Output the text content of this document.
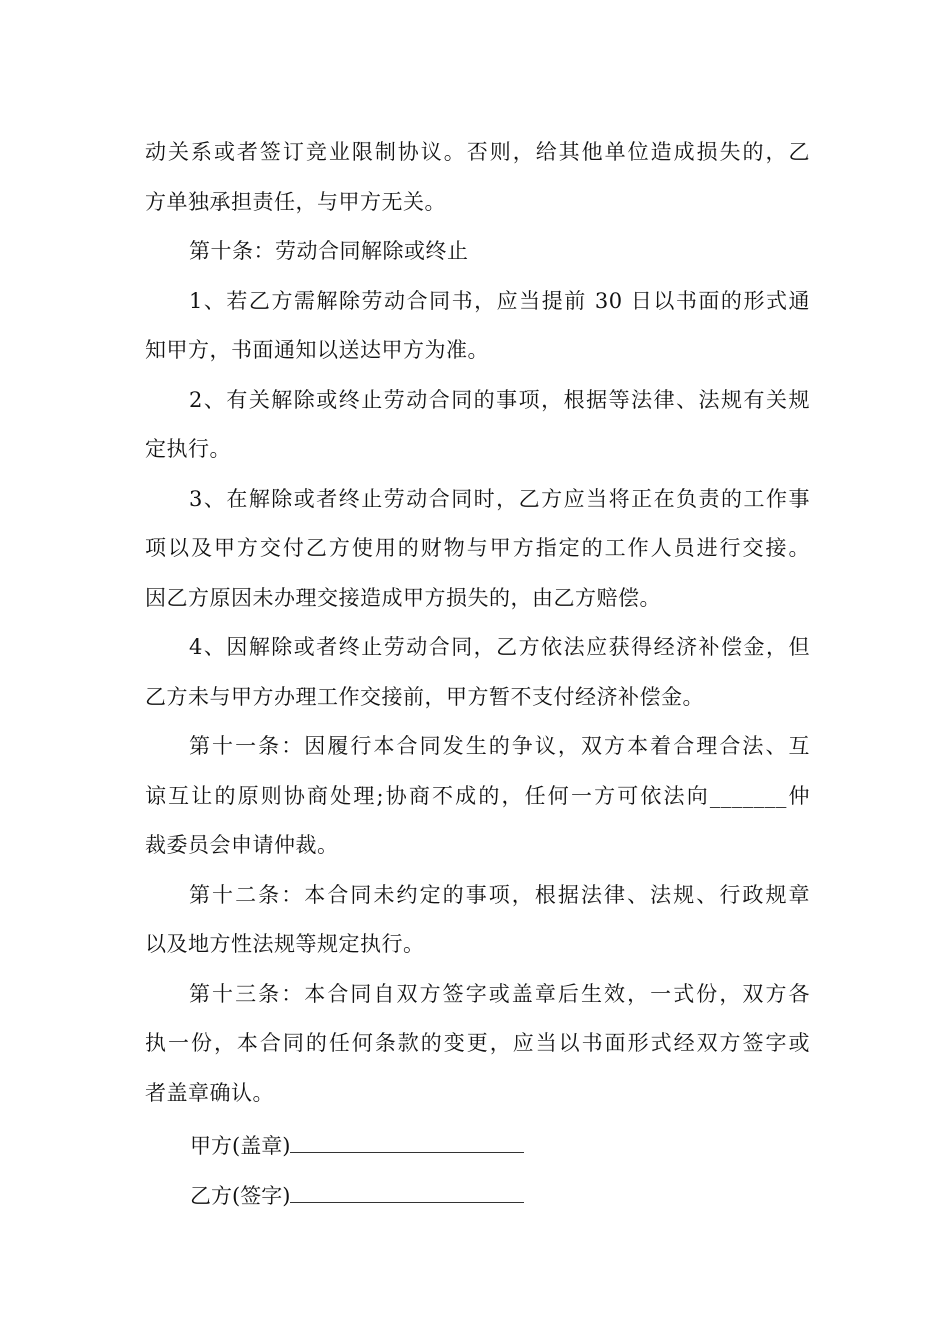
动关系或者签订竞业限制协议。否则，给其他单位造成损失的，乙
方单独承担责任，与甲方无关。
第十条：劳动合同解除或终止
1、若乙方需解除劳动合同书，应当提前 30 日以书面的形式通
知甲方，书面通知以送达甲方为准。
2、有关解除或终止劳动合同的事项，根据等法律、法规有关规
定执行。
3、在解除或者终止劳动合同时，乙方应当将正在负责的工作事
项以及甲方交付乙方使用的财物与甲方指定的工作人员进行交接。
因乙方原因未办理交接造成甲方损失的，由乙方赔偿。
4、因解除或者终止劳动合同，乙方依法应获得经济补偿金，但
乙方未与甲方办理工作交接前，甲方暂不支付经济补偿金。
第十一条：因履行本合同发生的争议，双方本着合理合法、互
谅互让的原则协商处理;协商不成的，任何一方可依法向_______仲
裁委员会申请仲裁。
第十二条：本合同未约定的事项，根据法律、法规、行政规章
以及地方性法规等规定执行。
第十三条：本合同自双方签字或盖章后生效，一式份，双方各
执一份，本合同的任何条款的变更，应当以书面形式经双方签字或
者盖章确认。
甲方(盖章)
乙方(签字)
